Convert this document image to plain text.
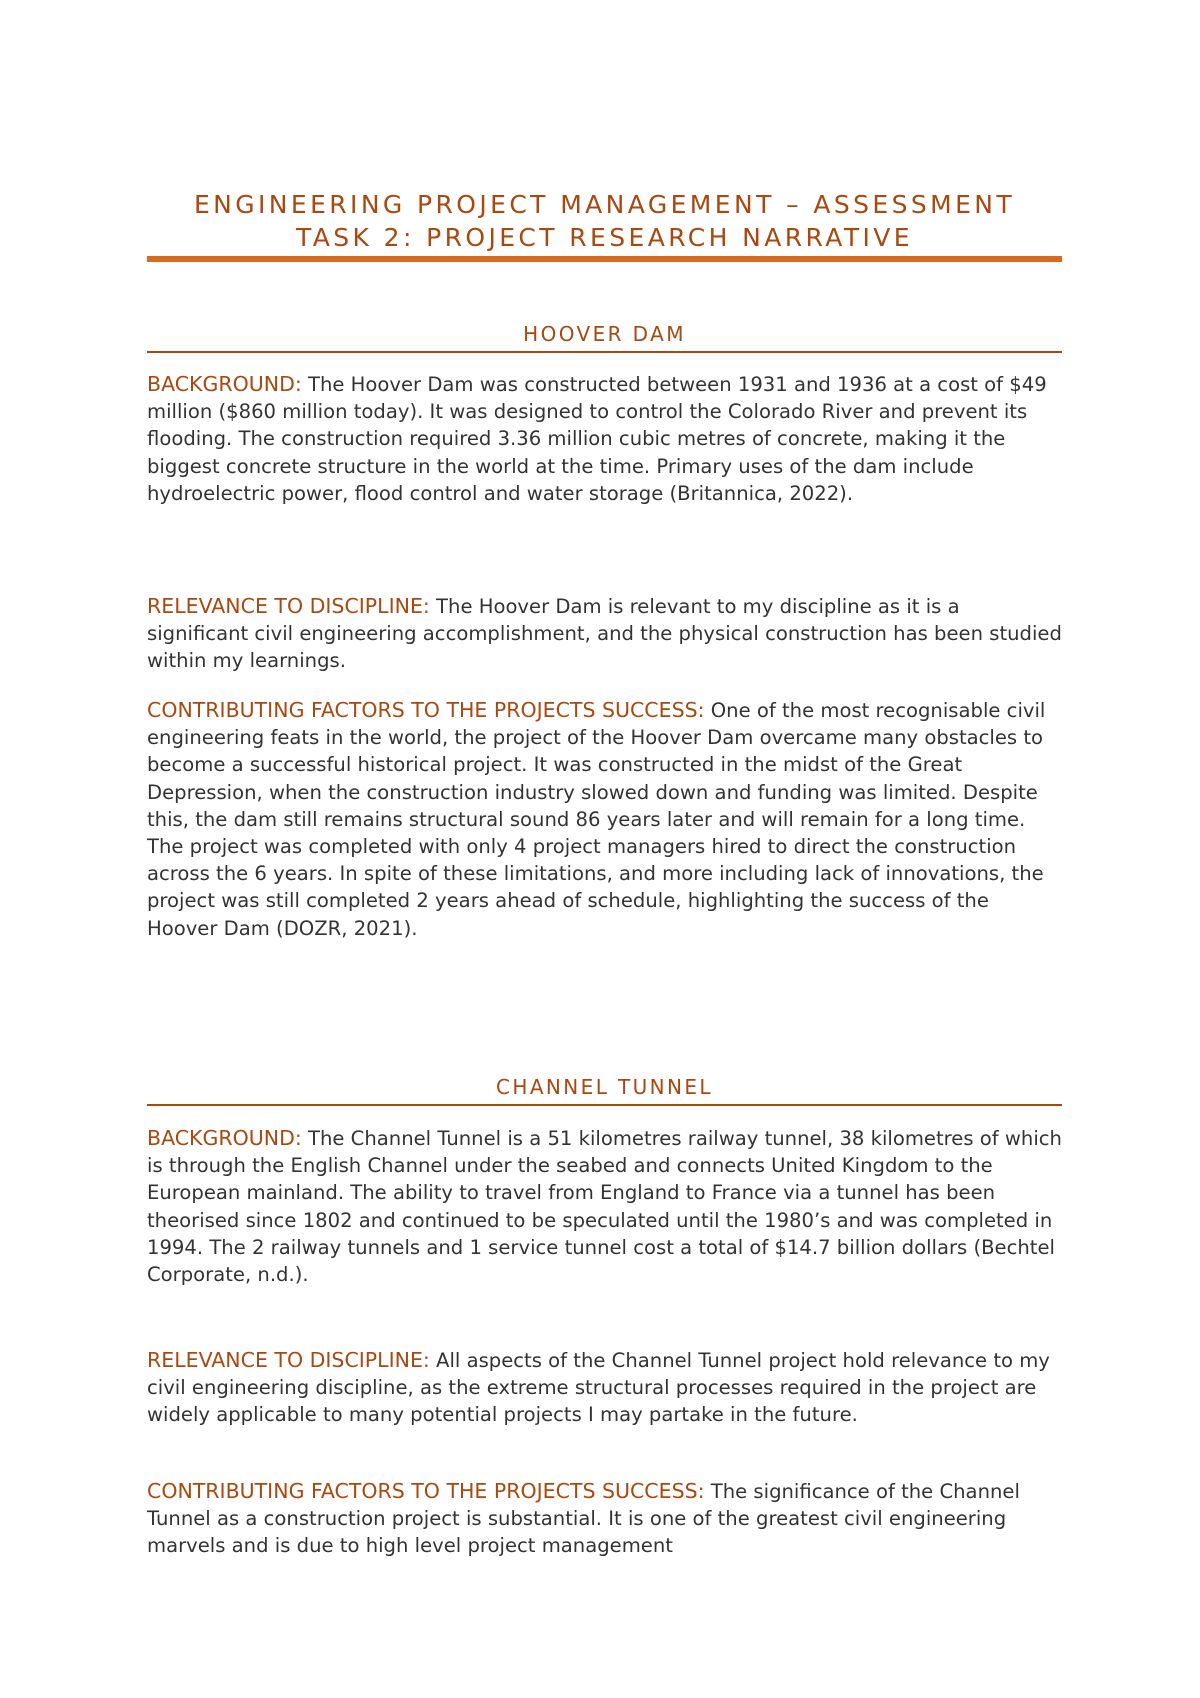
ENGINEERING PROJECT MANAGEMENT – ASSESSMENT
TASK 2: PROJECT RESEARCH NARRATIVE
HOOVER DAM

BACKGROUND: The Hoover Dam was constructed between 1931 and 1936 at a cost of $49 million ($860 million today). It was designed to control the Colorado River and prevent its flooding. The construction required 3.36 million cubic metres of concrete, making it the biggest concrete structure in the world at the time. Primary uses of the dam include hydroelectric power, flood control and water storage (Britannica, 2022).

RELEVANCE TO DISCIPLINE: The Hoover Dam is relevant to my discipline as it is a significant civil engineering accomplishment, and the physical construction has been studied within my learnings.

CONTRIBUTING FACTORS TO THE PROJECTS SUCCESS: One of the most recognisable civil engineering feats in the world, the project of the Hoover Dam overcame many obstacles to become a successful historical project. It was constructed in the midst of the Great Depression, when the construction industry slowed down and funding was limited. Despite this, the dam still remains structural sound 86 years later and will remain for a long time. The project was completed with only 4 project managers hired to direct the construction across the 6 years. In spite of these limitations, and more including lack of innovations, the project was still completed 2 years ahead of schedule, highlighting the success of the Hoover Dam (DOZR, 2021).

CHANNEL TUNNEL

BACKGROUND: The Channel Tunnel is a 51 kilometres railway tunnel, 38 kilometres of which is through the English Channel under the seabed and connects United Kingdom to the European mainland. The ability to travel from England to France via a tunnel has been theorised since 1802 and continued to be speculated until the 1980’s and was completed in 1994. The 2 railway tunnels and 1 service tunnel cost a total of $14.7 billion dollars (Bechtel Corporate, n.d.).

RELEVANCE TO DISCIPLINE: All aspects of the Channel Tunnel project hold relevance to my civil engineering discipline, as the extreme structural processes required in the project are widely applicable to many potential projects I may partake in the future.

CONTRIBUTING FACTORS TO THE PROJECTS SUCCESS: The significance of the Channel Tunnel as a construction project is substantial. It is one of the greatest civil engineering marvels and is due to high level project management
